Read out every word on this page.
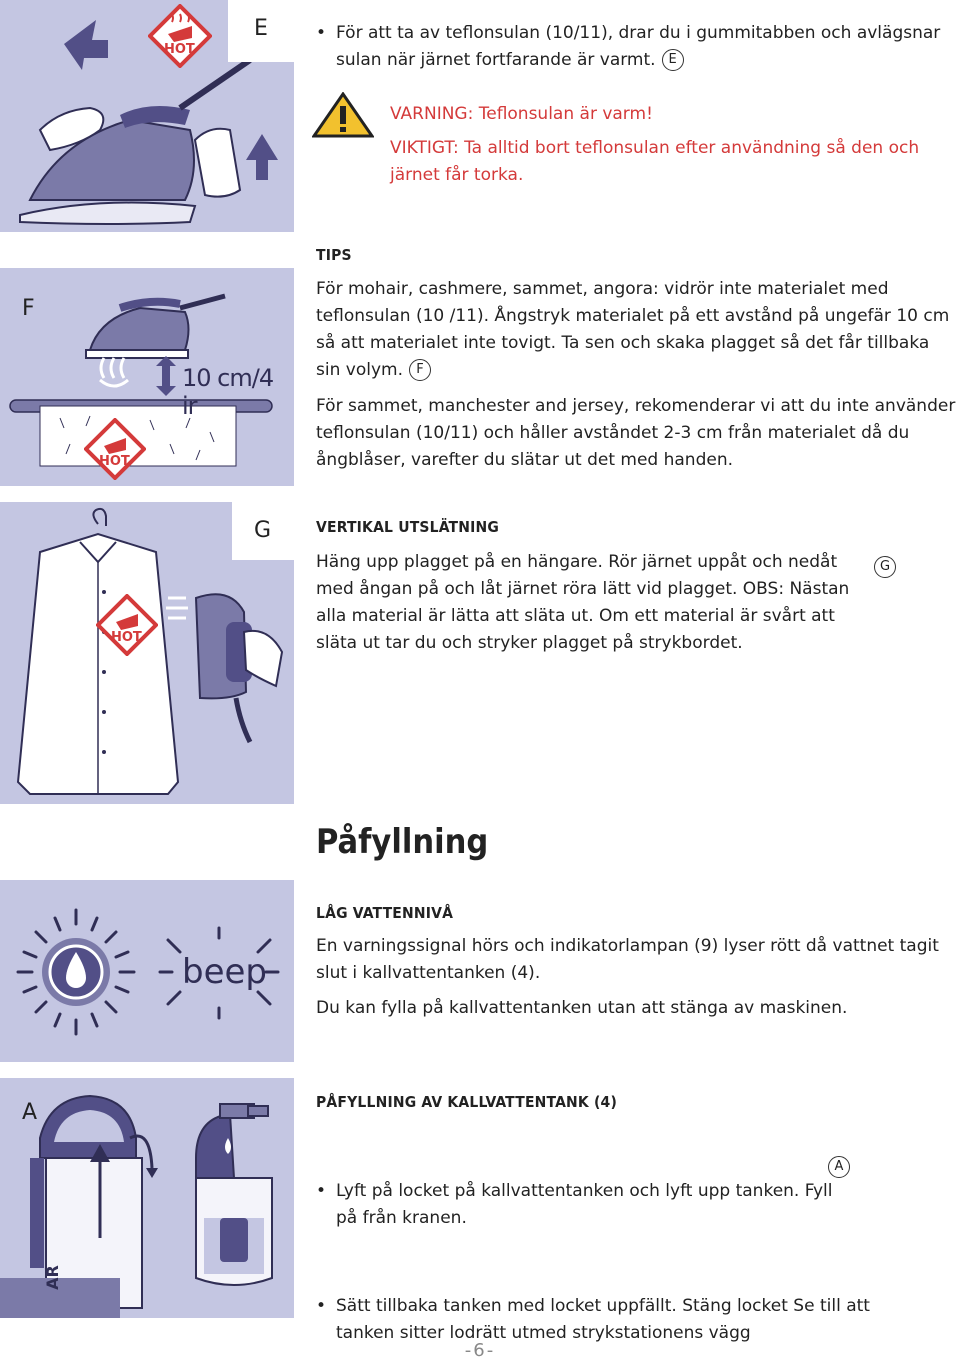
HOT
E
•	För att ta av teflonsulan (10/11), drar du i gummitabben och avlägsnar sulan när järnet fortfarande är varmt. E
VARNING: Teflonsulan är varm!
VIKTIGT: Ta alltid bort teflonsulan efter användning så den och järnet får torka.
10 cm/4 ir
HOT
F
TIPS
För mohair, cashmere, sammet, angora: vidrör inte materialet med teflonsulan (10 /11). Ångstryk materialet på ett avstånd på ungefär 10 cm så att materialet inte tovigt. Ta sen och skaka plagget så det får tillbaka sin volym. F
För sammet, manchester and jersey, rekomenderar vi att du inte använder teflonsulan (10/11) och håller avståndet 2-3 cm från materialet då du ångblåser, varefter du slätar ut det med handen.
HOT
G	VERTIKAL UTSLÄTNING
Häng upp plagget på en hängare. Rör järnet uppåt och nedåt med ångan på och låt järnet röra lätt vid plagget. OBS: Nästan alla material är lätta att släta ut. Om ett material är svårt att släta ut tar du och stryker plagget på strykbordet.
G
Påfyllning
beep
LÅG VATTENNIVÅ
En varningssignal hörs och indikatorlampan (9) lyser rött då vattnet tagit slut i kallvattentanken (4).
Du kan fylla på kallvattentanken utan att stänga av maskinen.
A
AR
PÅFYLLNING AV KALLVATTENTANK (4)
• Lyft på locket på kallvattentanken och lyft upp tanken. Fyll på från kranen.
A
• Sätt tillbaka tanken med locket uppfällt. Stäng locket Se till att tanken sitter lodrätt utmed strykstationens vägg
-6-
